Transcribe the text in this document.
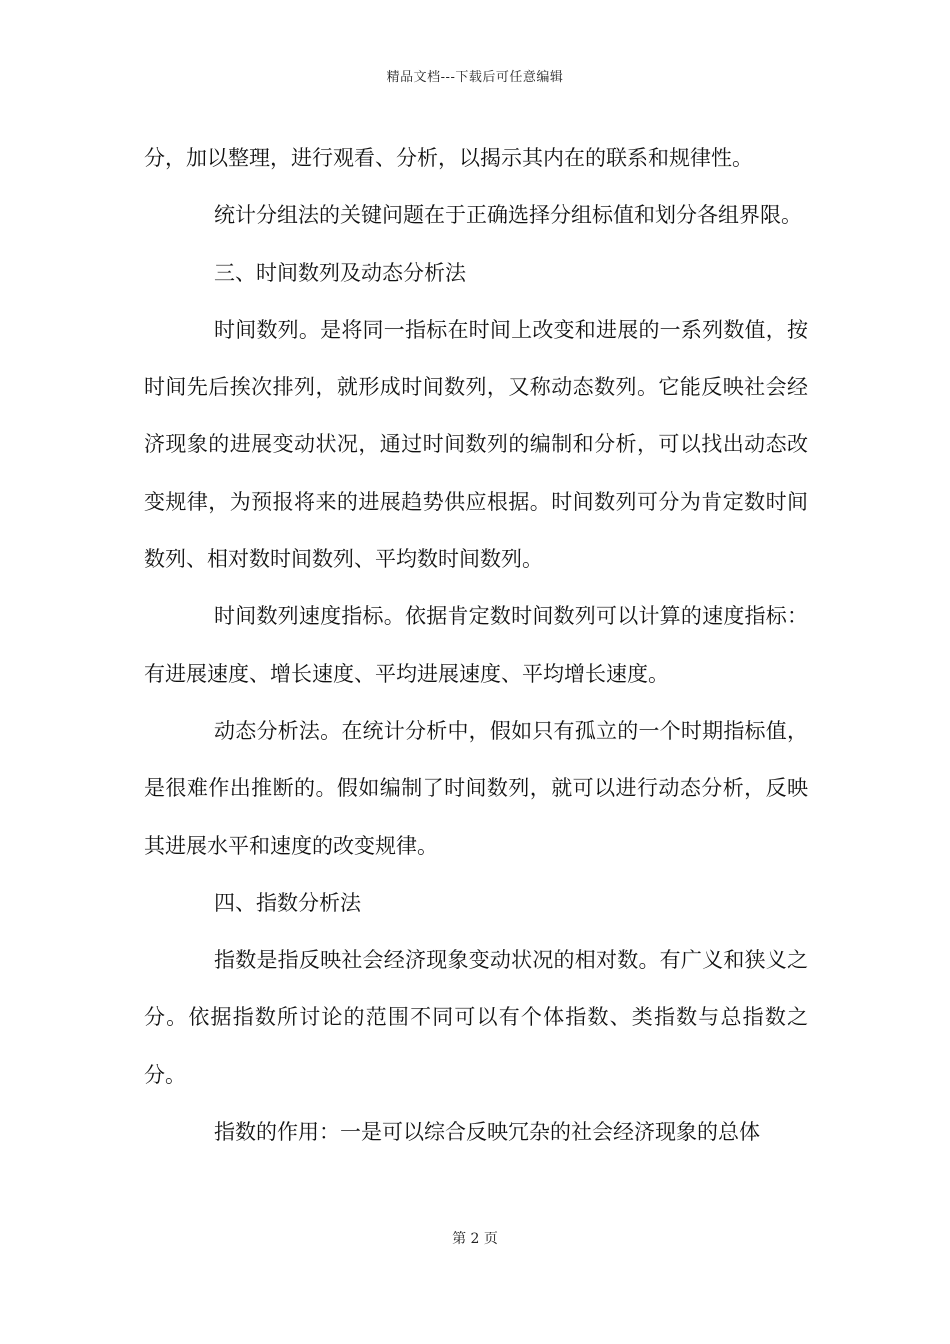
精品文档---下载后可任意编辑

分，加以整理，进行观看、分析，以揭示其内在的联系和规律性。

统计分组法的关键问题在于正确选择分组标值和划分各组界限。

三、时间数列及动态分析法

时间数列。是将同一指标在时间上改变和进展的一系列数值，按时间先后挨次排列，就形成时间数列，又称动态数列。它能反映社会经济现象的进展变动状况，通过时间数列的编制和分析，可以找出动态改变规律，为预报将来的进展趋势供应根据。时间数列可分为肯定数时间数列、相对数时间数列、平均数时间数列。

时间数列速度指标。依据肯定数时间数列可以计算的速度指标：有进展速度、增长速度、平均进展速度、平均增长速度。

动态分析法。在统计分析中，假如只有孤立的一个时期指标值，是很难作出推断的。假如编制了时间数列，就可以进行动态分析，反映其进展水平和速度的改变规律。

四、指数分析法

指数是指反映社会经济现象变动状况的相对数。有广义和狭义之分。依据指数所讨论的范围不同可以有个体指数、类指数与总指数之分。

指数的作用：一是可以综合反映冗杂的社会经济现象的总体

第 2 页
